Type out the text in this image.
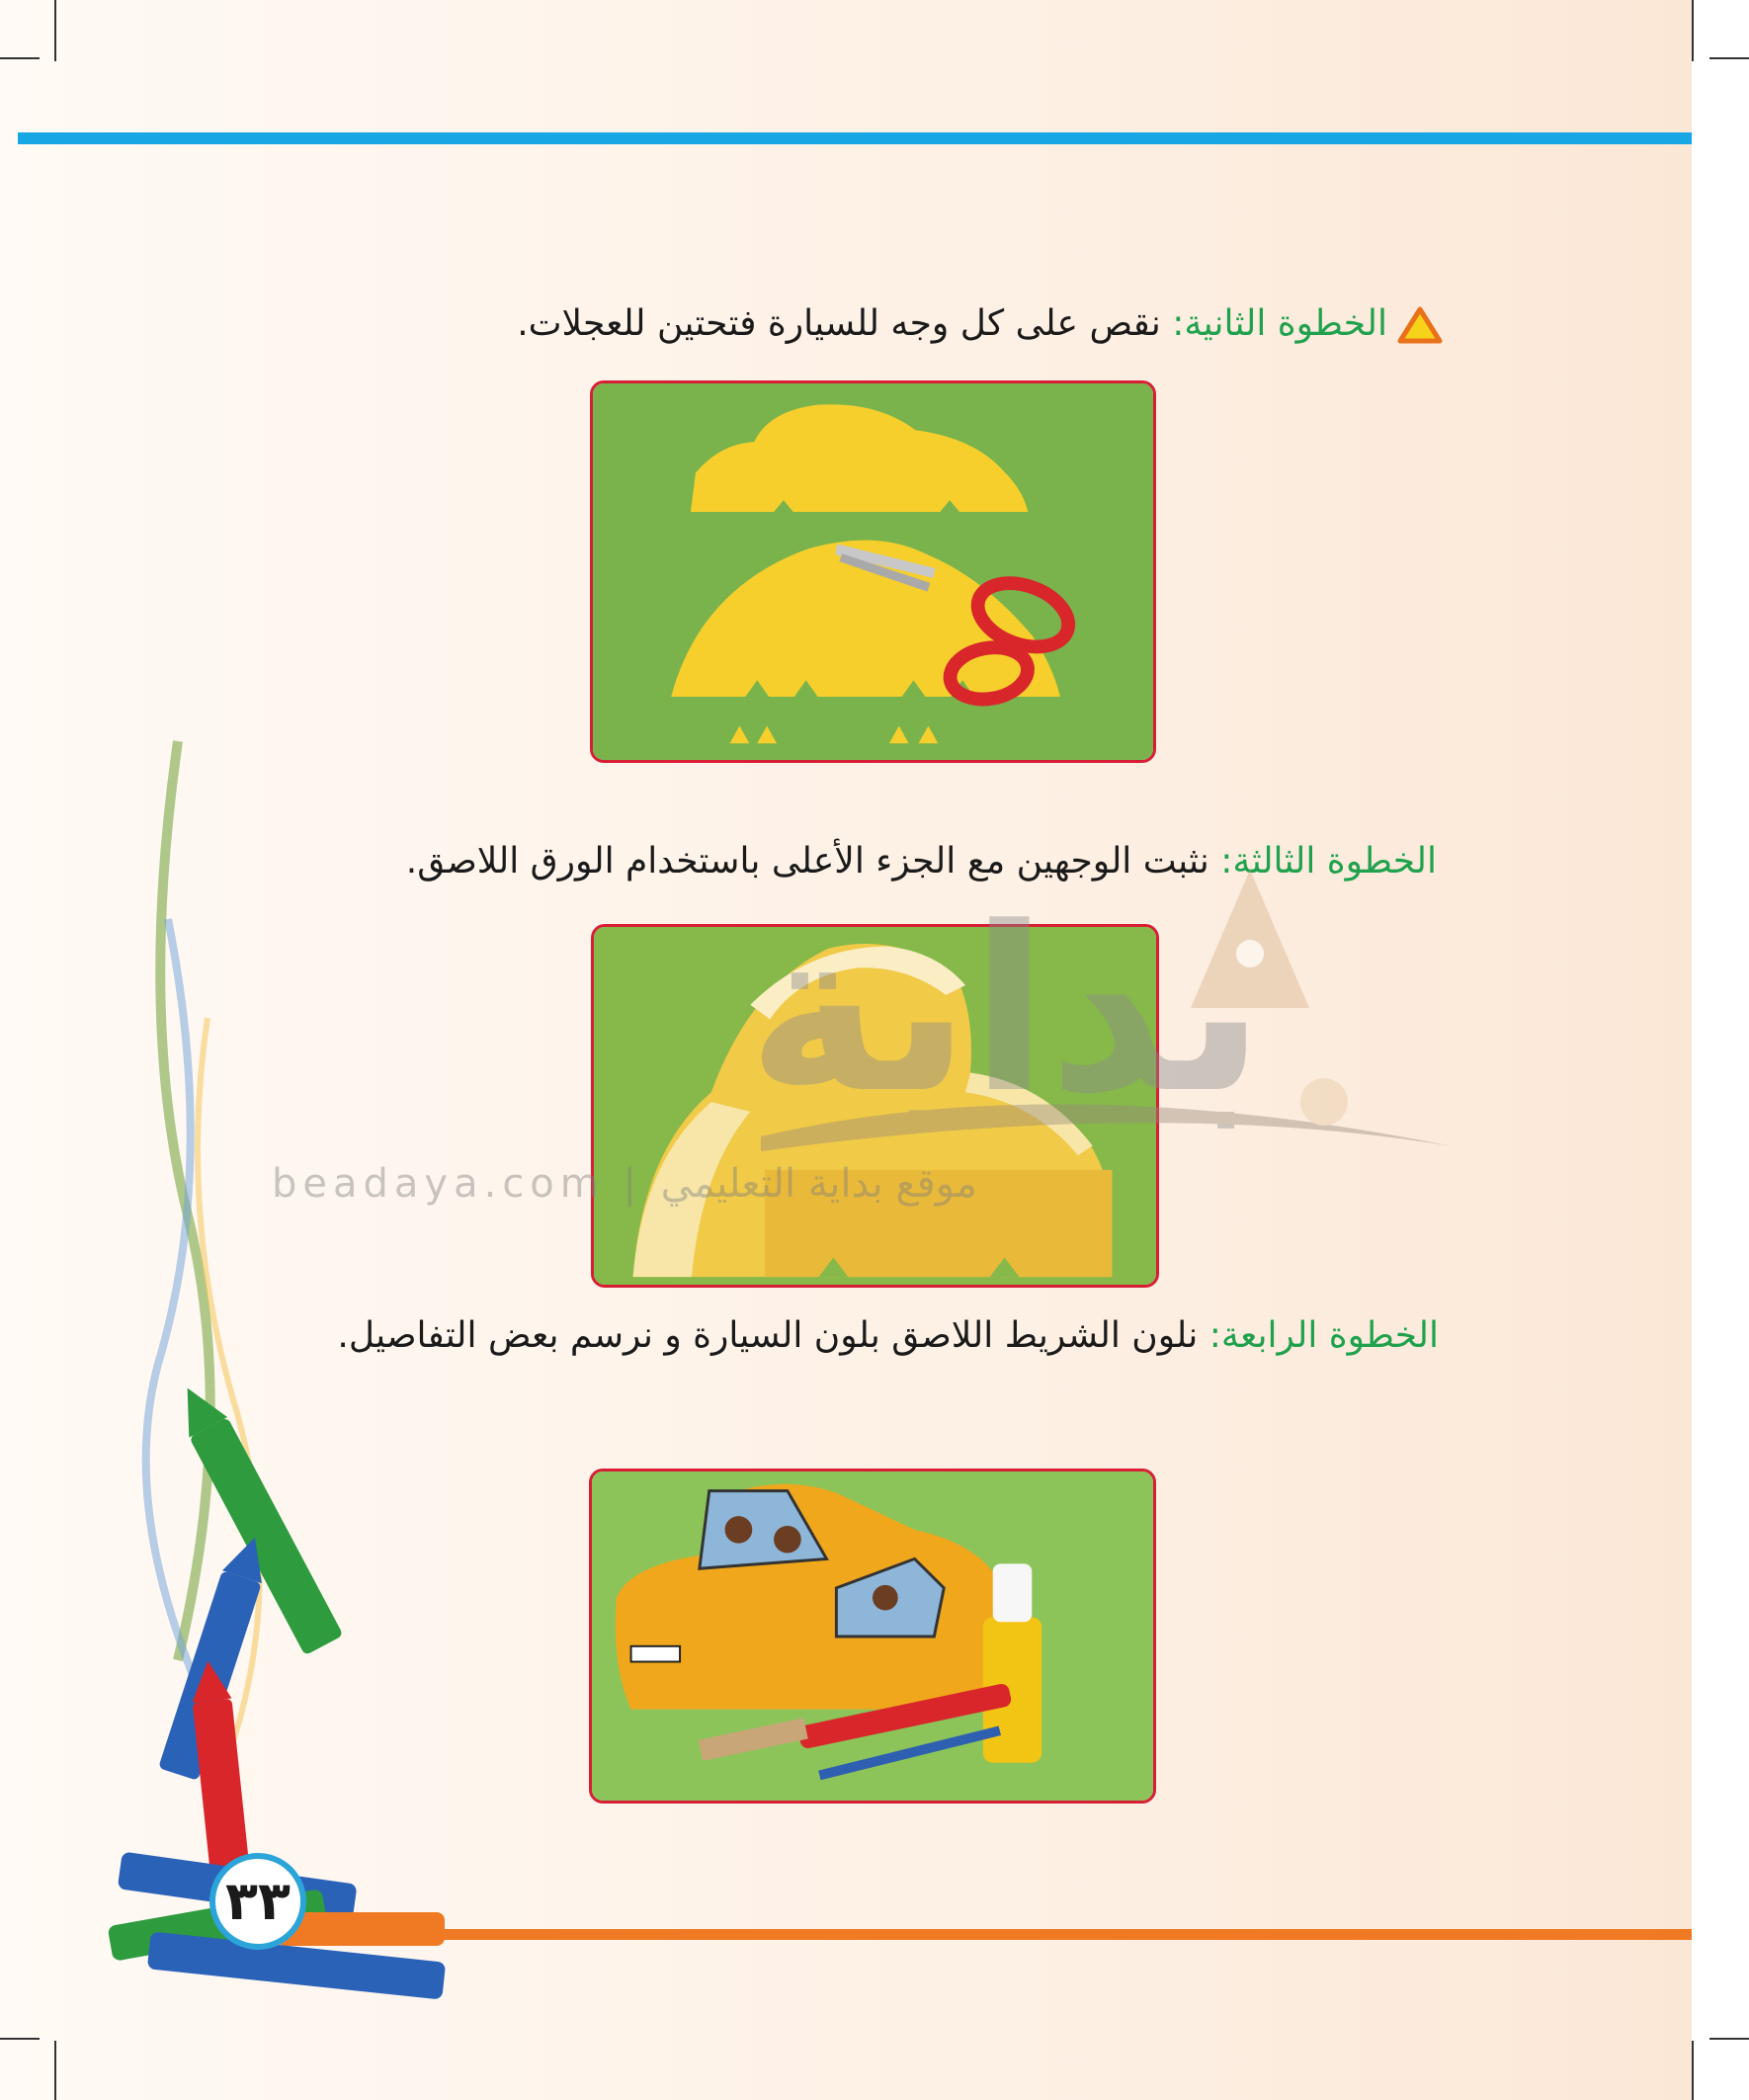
الخطوة الثانية: نقص على كل وجه للسيارة فتحتين للعجلات.
الخطوة الثالثة: نثبت الوجهين مع الجزء الأعلى باستخدام الورق اللاصق.
الخطوة الرابعة: نلون الشريط اللاصق بلون السيارة و نرسم بعض التفاصيل.
بداية
beadaya.com | موقع بداية التعليمي
٣٣
